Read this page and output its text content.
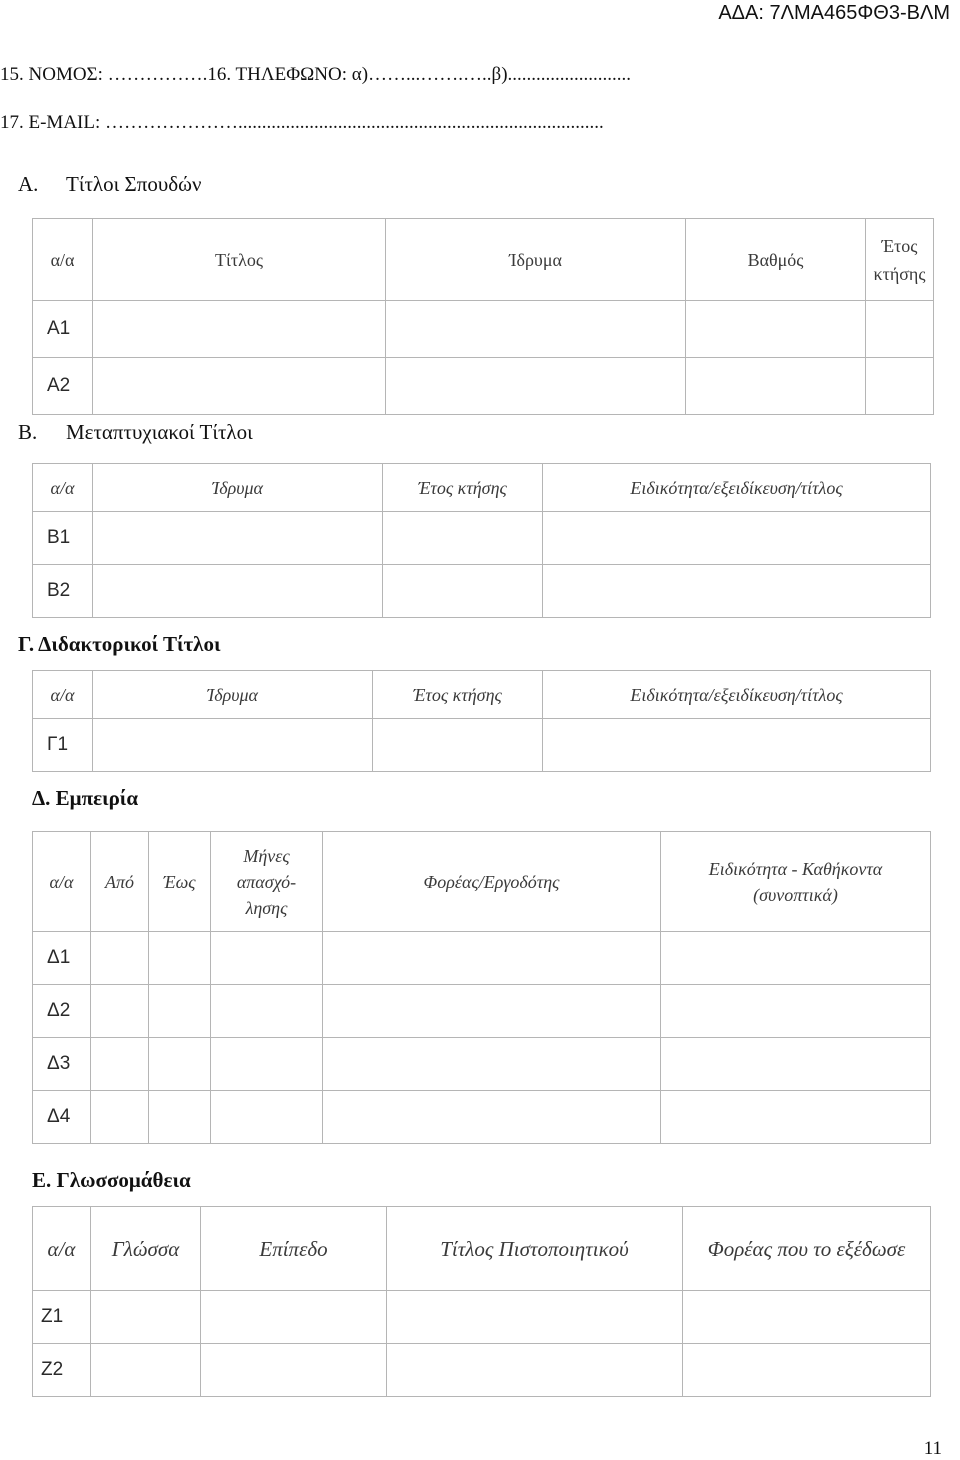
ΑΔΑ: 7ΛΜΑ465ΦΘ3-ΒΛΜ
15. ΝΟΜΟΣ: …………….16. ΤΗΛΕΦΩΝΟ: α)……...…….…..β)..........................
17. E-MAIL: ………………….............................................................................
Α. Τίτλοι Σπουδών
α/α	Τίτλος	Ίδρυμα	Βαθμός	Έτος κτήσης
Α1				
Α2				
Β. Μεταπτυχιακοί Τίτλοι
α/α	Ίδρυμα	Έτος κτήσης	Ειδικότητα/εξειδίκευση/τίτλος
Β1			
Β2			
Γ. Διδακτορικοί Τίτλοι
α/α	Ίδρυμα	Έτος κτήσης	Ειδικότητα/εξειδίκευση/τίτλος
Γ1			
Δ. Εμπειρία
α/α	Από	Έως	Μήνες απασχό-λησης	Φορέας/Εργοδότης	Ειδικότητα - Καθήκοντα (συνοπτικά)
Δ1					
Δ2					
Δ3					
Δ4					
Ε. Γλωσσομάθεια
α/α	Γλώσσα	Επίπεδο	Τίτλος Πιστοποιητικού	Φορέας που το εξέδωσε
Ζ1				
Ζ2				
11
